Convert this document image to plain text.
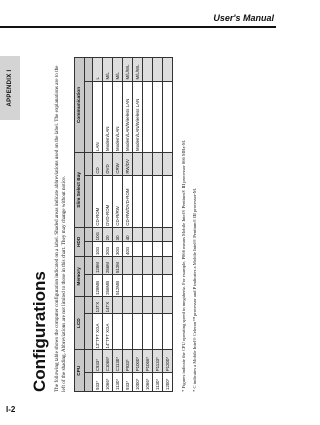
User's Manual
APPENDIX I
Configurations The following table shows the computer configuration indicated on a label. Shaded areas indicate abbreviations used on the label. The explanations are to the left of the shading. Abbreviations are not limited to those in this chart. They may change without notice. CPU		LCD		Memory		HDD		Slim Select Bay		Communication	

933*	C933*	13"TFT XGA	13TX	128MB	128M	10G	10G	CD-ROM	CD	LAN	L
1066*	C1066*	14"TFT XGA	14TX	256MB	256M	20G	20	DVD-ROM	DVD	Modem/LAN	M/L
1130*	C1130*			512MB	512M	30G	30	CD-R/RW	CRW	Modem/LAN	M/L
933*	P933*					40G	40	CD-RW/DVD-ROM	RW/DV	Modem/LAN/Wireless LAN	M/L/WL
1000*	P1000*									Modem/LAN/Wireless LAN	M/L/WL
1066*	P1066*										
1130*	P1133*										
1200*	P1200*										* Figures indicate the CPU operating speed in megahertz. For example, P866 means Mobile Intel® Pentium® III processor 866 MHz-M. * C indicates a Mobile Intel® Celeron™ processor and P indicates a Mobile Intel® Pentium® III processor-M.

I-2
